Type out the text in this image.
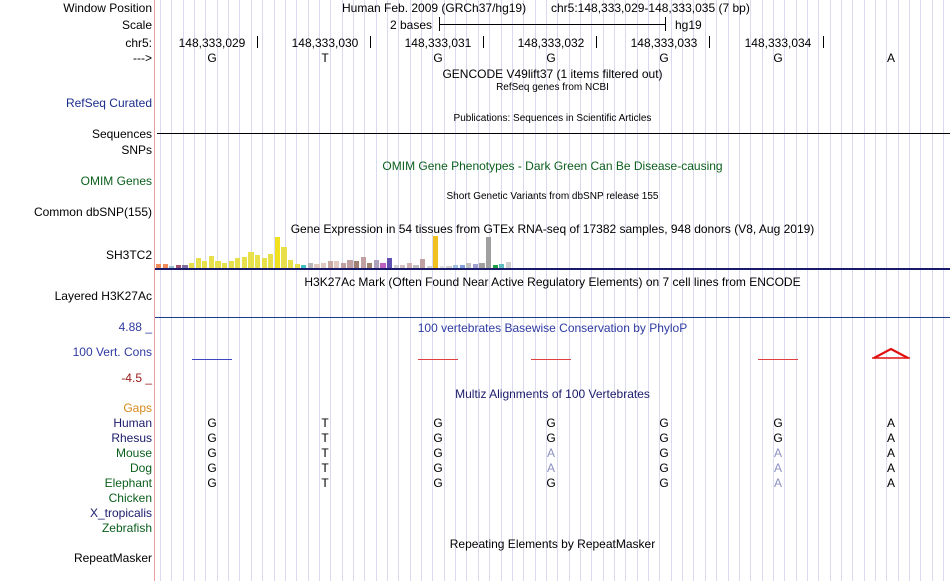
Window Position	Human Feb. 2009 (GRCh37/hg19) chr5:148,333,029-148,333,035 (7 bp)
Scale	2 bases	hg19
chr5:	148,333,029	148,333,030	148,333,031	148,333,032	148,333,033	148,333,034
--->	G	T	G	G	G	G	A
GENCODE V49lift37 (1 items filtered out)
RefSeq genes from NCBI
RefSeq Curated
Publications: Sequences in Scientific Articles
Sequences
SNPs
OMIM Gene Phenotypes - Dark Green Can Be Disease-causing
OMIM Genes
Short Genetic Variants from dbSNP release 155
Common dbSNP(155)
Gene Expression in 54 tissues from GTEx RNA-seq of 17382 samples, 948 donors (V8, Aug 2019)
SH3TC2
H3K27Ac Mark (Often Found Near Active Regulatory Elements) on 7 cell lines from ENCODE
Layered H3K27Ac
100 vertebrates Basewise Conservation by PhyloP
4.88 _
100 Vert. Cons
-4.5 _
Multiz Alignments of 100 Vertebrates
Gaps
Human	G	T	G	G	G	G	A
Rhesus	G	T	G	G	G	G	A
Mouse	G	T	G	A	G	A	A
Dog	G	T	G	A	G	A	A
Elephant	G	T	G	G	G	A	A
Chicken
X_tropicalis
Zebrafish
Repeating Elements by RepeatMasker
RepeatMasker
